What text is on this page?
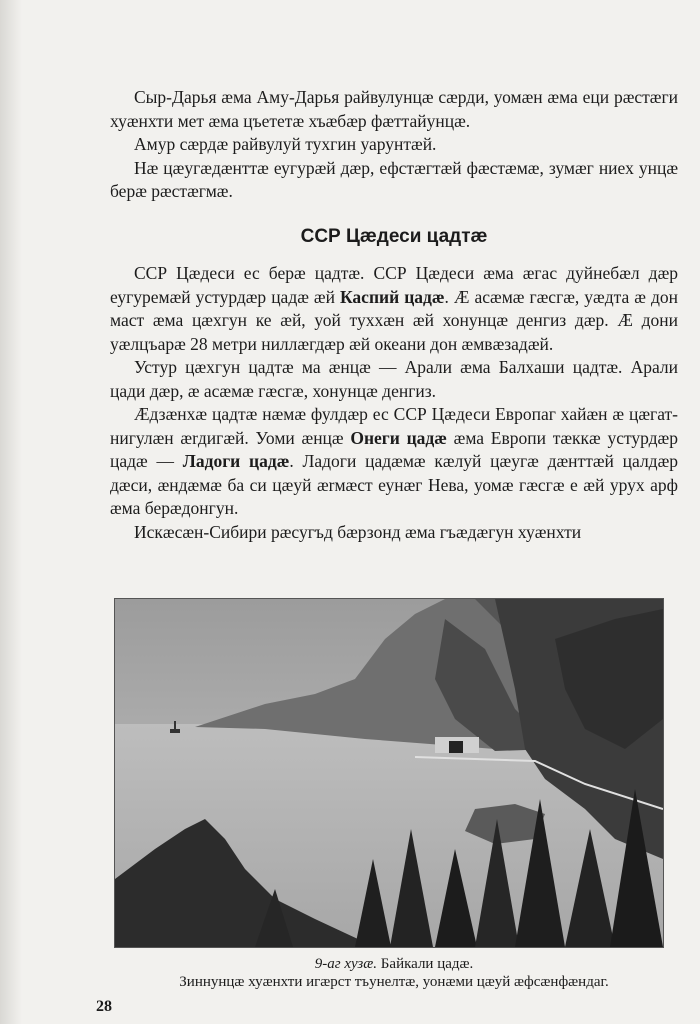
Сыр-Дарья æма Аму-Дарья райвулунцæ сæрди, уомæн æма еци рæстæги хуæнхти мет æма цъететæ хъæбæр фæттайунцæ.

Амур сæрдæ райвулуй тухгин уарунтæй.

Нæ цæугæдæнттæ еугурæй дæр, ефстæгтæй фæстæмæ, зумæг ниех унцæ берæ рæстæгмæ.

ССР Цæдеси цадтæ

ССР Цæдеси ес берæ цадтæ. ССР Цæдеси æма æгас дуйнебæл дæр еугуремæй устурдæр цадæ æй Каспий цадæ. Æ асæмæ гæсгæ, уæдта æ дон маст æма цæхгун ке æй, уой туххæн æй хонунцæ денгиз дæр. Æ дони уæлцъарæ 28 метри ниллæгдæр æй океани дон æмвæзадæй.

Устур цæхгун цадтæ ма æнцæ — Арали æма Балхаши цадтæ. Арали цади дæр, æ асæмæ гæсгæ, хонунцæ денгиз.

Æдзæнхæ цадтæ нæмæ фулдæр ес ССР Цæдеси Европаг хайæн æ цæгат-нигулæн ærдигæй. Уоми æнцæ Онеги цадæ æма Европи тæккæ устурдæр цадæ — Ладоги цадæ. Ладоги цадæмæ кæлуй цæугæ дæнттæй цалдæр дæси, æндæмæ ба си цæуй ærмæст еунæг Нева, уомæ гæсгæ е æй урух арф æма берæдонгун.

Искæсæн-Сибири рæсугъд бæрзонд æма гъæдæгун хуæнхти

9-аг хузæ. Байкали цадæ.
Зиннунцæ хуæнхти игæрст тъунелтæ, уонæми цæуй æфсæнфæндаг.
28
